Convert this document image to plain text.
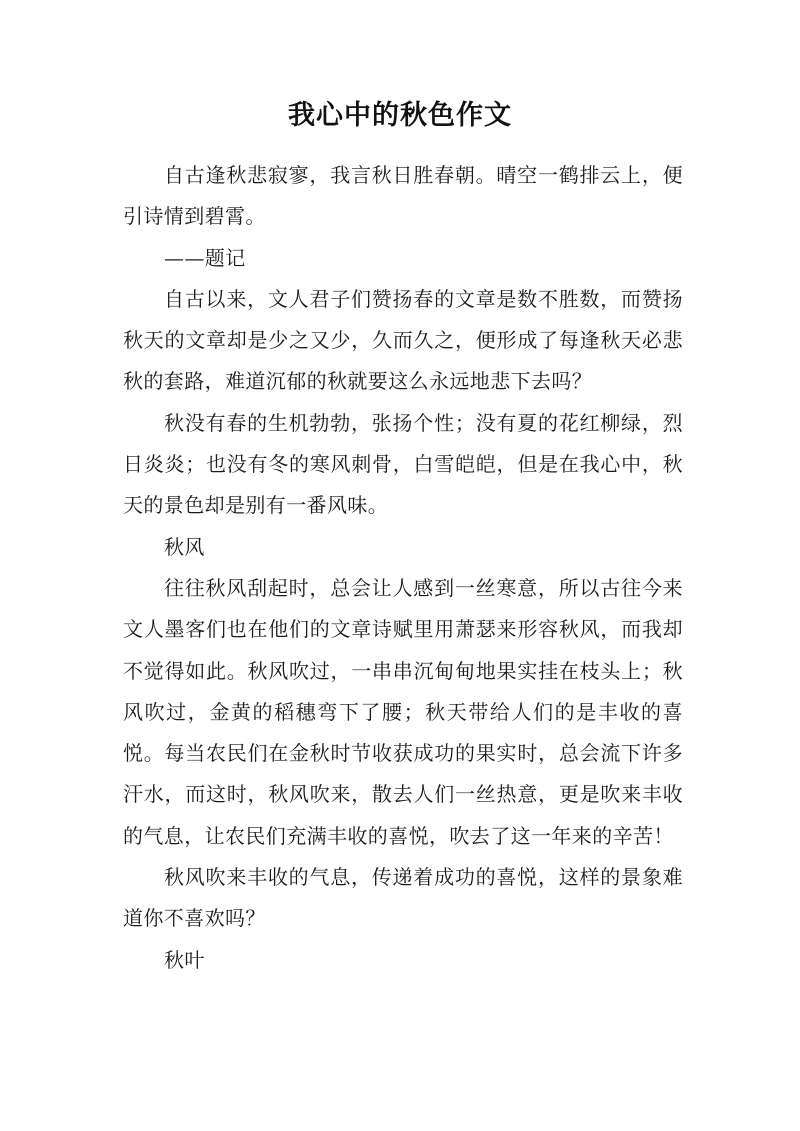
我心中的秋色作文

自古逢秋悲寂寥，我言秋日胜春朝。晴空一鹤排云上，便引诗情到碧霄。

——题记

自古以来，文人君子们赞扬春的文章是数不胜数，而赞扬秋天的文章却是少之又少，久而久之，便形成了每逢秋天必悲秋的套路，难道沉郁的秋就要这么永远地悲下去吗？

秋没有春的生机勃勃，张扬个性；没有夏的花红柳绿，烈日炎炎；也没有冬的寒风刺骨，白雪皑皑，但是在我心中，秋天的景色却是别有一番风味。

秋风

往往秋风刮起时，总会让人感到一丝寒意，所以古往今来文人墨客们也在他们的文章诗赋里用萧瑟来形容秋风，而我却不觉得如此。秋风吹过，一串串沉甸甸地果实挂在枝头上；秋风吹过，金黄的稻穗弯下了腰；秋天带给人们的是丰收的喜悦。每当农民们在金秋时节收获成功的果实时，总会流下许多汗水，而这时，秋风吹来，散去人们一丝热意，更是吹来丰收的气息，让农民们充满丰收的喜悦，吹去了这一年来的辛苦！

秋风吹来丰收的气息，传递着成功的喜悦，这样的景象难道你不喜欢吗？

秋叶
